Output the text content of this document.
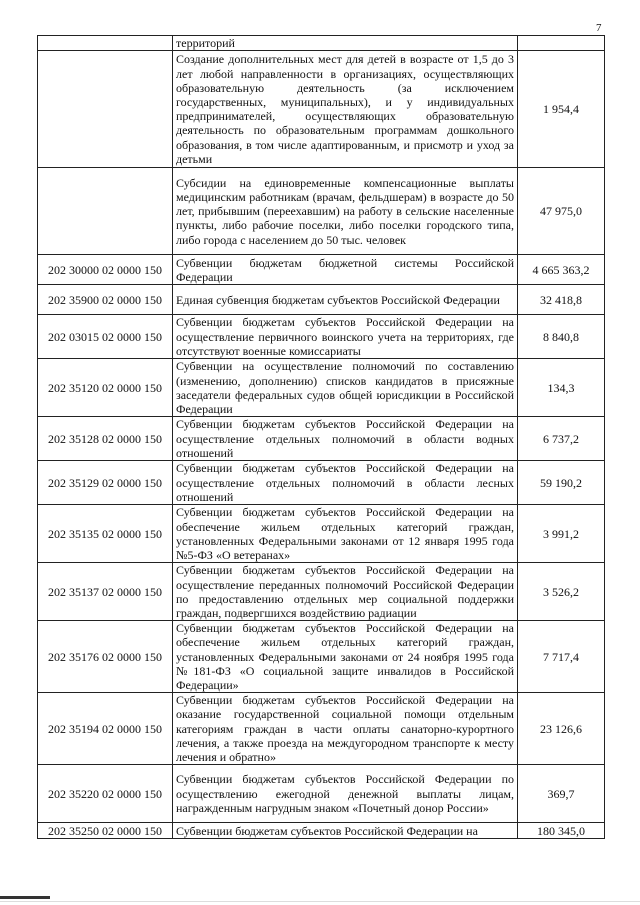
7
	территорий	
	Создание дополнительных мест для детей в возрасте от 1,5 до 3 лет любой направленности в организациях, осуществляющих образовательную деятельность (за исключением государственных, муниципальных), и у индивидуальных предпринимателей, осуществляющих образовательную деятельность по образовательным программам дошкольного образования, в том числе адаптированным, и присмотр и уход за детьми	1 954,4
	Субсидии на единовременные компенсационные выплаты медицинским работникам (врачам, фельдшерам) в возрасте до 50 лет, прибывшим (переехавшим) на работу в сельские населенные пункты, либо рабочие поселки, либо поселки городского типа, либо города с населением до 50 тыс. человек	47 975,0
202 30000 02 0000 150	Субвенции бюджетам бюджетной системы Российской Федерации	4 665 363,2
202 35900 02 0000 150	Единая субвенция бюджетам субъектов Российской Федерации	32 418,8
202 03015 02 0000 150	Субвенции бюджетам субъектов Российской Федерации на осуществление первичного воинского учета на территориях, где отсутствуют военные комиссариаты	8 840,8
202 35120 02 0000 150	Субвенции на осуществление полномочий по составлению (изменению, дополнению) списков кандидатов в присяжные заседатели федеральных судов общей юрисдикции в Российской Федерации	134,3
202 35128 02 0000 150	Субвенции бюджетам субъектов Российской Федерации на осуществление отдельных полномочий в области водных отношений	6 737,2
202 35129 02 0000 150	Субвенции бюджетам субъектов Российской Федерации на осуществление отдельных полномочий в области лесных отношений	59 190,2
202 35135 02 0000 150	Субвенции бюджетам субъектов Российской Федерации на обеспечение жильем отдельных категорий граждан, установленных Федеральными законами от 12 января 1995 года №5-ФЗ «О ветеранах»	3 991,2
202 35137 02 0000 150	Субвенции бюджетам субъектов Российской Федерации на осуществление переданных полномочий Российской Федерации по предоставлению отдельных мер социальной поддержки граждан, подвергшихся воздействию радиации	3 526,2
202 35176 02 0000 150	Субвенции бюджетам субъектов Российской Федерации на обеспечение жильем отдельных категорий граждан, установленных Федеральными законами от 24 ноября 1995 года №181-ФЗ «О социальной защите инвалидов в Российской Федерации»	7 717,4
202 35194 02 0000 150	Субвенции бюджетам субъектов Российской Федерации на оказание государственной социальной помощи отдельным категориям граждан в части оплаты санаторно-курортного лечения, а также проезда на междугородном транспорте к месту лечения и обратно»	23 126,6
202 35220 02 0000 150	Субвенции бюджетам субъектов Российской Федерации по осуществлению ежегодной денежной выплаты лицам, награжденным нагрудным знаком «Почетный донор России»	369,7
202 35250 02 0000 150	Субвенции бюджетам субъектов Российской Федерации на	180 345,0
